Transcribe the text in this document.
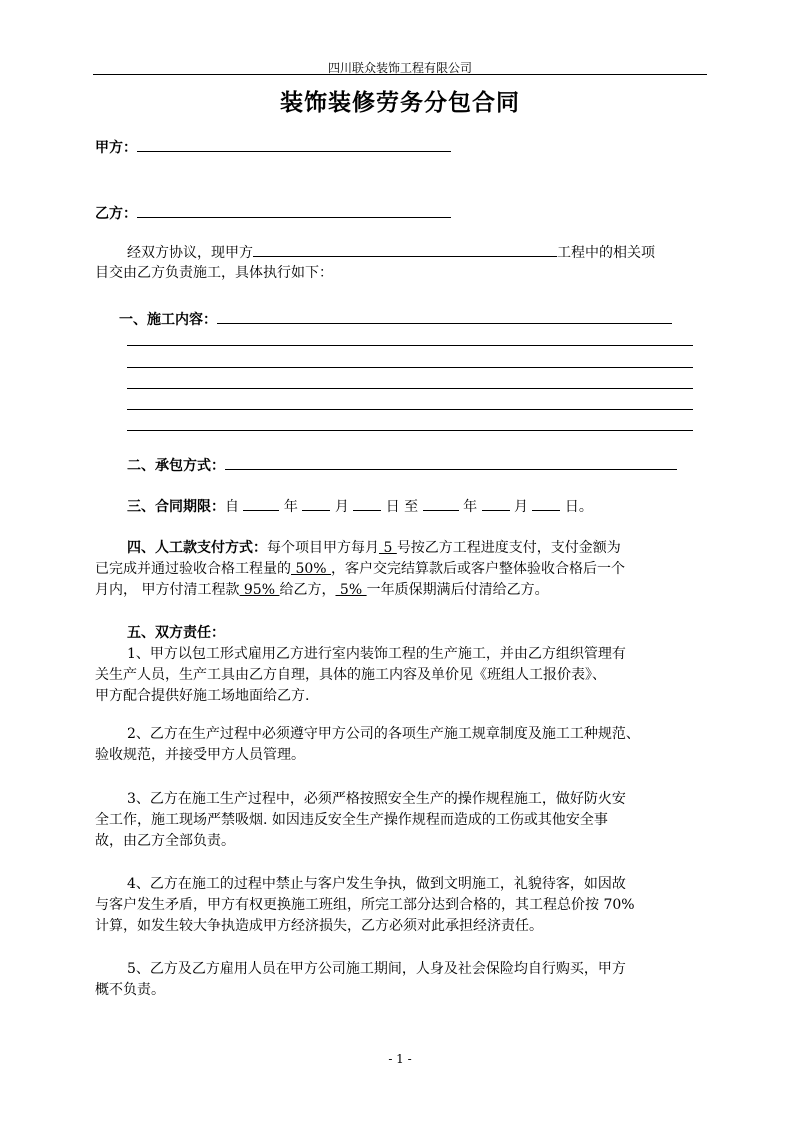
四川联众装饰工程有限公司
装饰装修劳务分包合同
甲方：
乙方：
经双方协议，现甲方	工程中的相关项
目交由乙方负责施工，具体执行如下：
一、施工内容：
二、承包方式：
三、合同期限：自	年	月	日 至	年	月	日。
四、人工款支付方式：每个项目甲方每月 5 号按乙方工程进度支付，支付金额为
已完成并通过验收合格工程量的 50% ，客户交完结算款后或客户整体验收合格后一个
月内， 甲方付清工程款 95% 给乙方， 5% 一年质保期满后付清给乙方。
五、双方责任：
1、甲方以包工形式雇用乙方进行室内装饰工程的生产施工，并由乙方组织管理有
关生产人员，生产工具由乙方自理，具体的施工内容及单价见《班组人工报价表》、
甲方配合提供好施工场地面给乙方.
2、乙方在生产过程中必须遵守甲方公司的各项生产施工规章制度及施工工种规范、
验收规范，并接受甲方人员管理。
3、乙方在施工生产过程中，必须严格按照安全生产的操作规程施工，做好防火安
全工作，施工现场严禁吸烟. 如因违反安全生产操作规程而造成的工伤或其他安全事
故，由乙方全部负责。
4、乙方在施工的过程中禁止与客户发生争执，做到文明施工，礼貌待客，如因故
与客户发生矛盾，甲方有权更换施工班组，所完工部分达到合格的，其工程总价按 70%
计算，如发生较大争执造成甲方经济损失，乙方必须对此承担经济责任。
5、乙方及乙方雇用人员在甲方公司施工期间，人身及社会保险均自行购买，甲方
概不负责。
- 1 -
